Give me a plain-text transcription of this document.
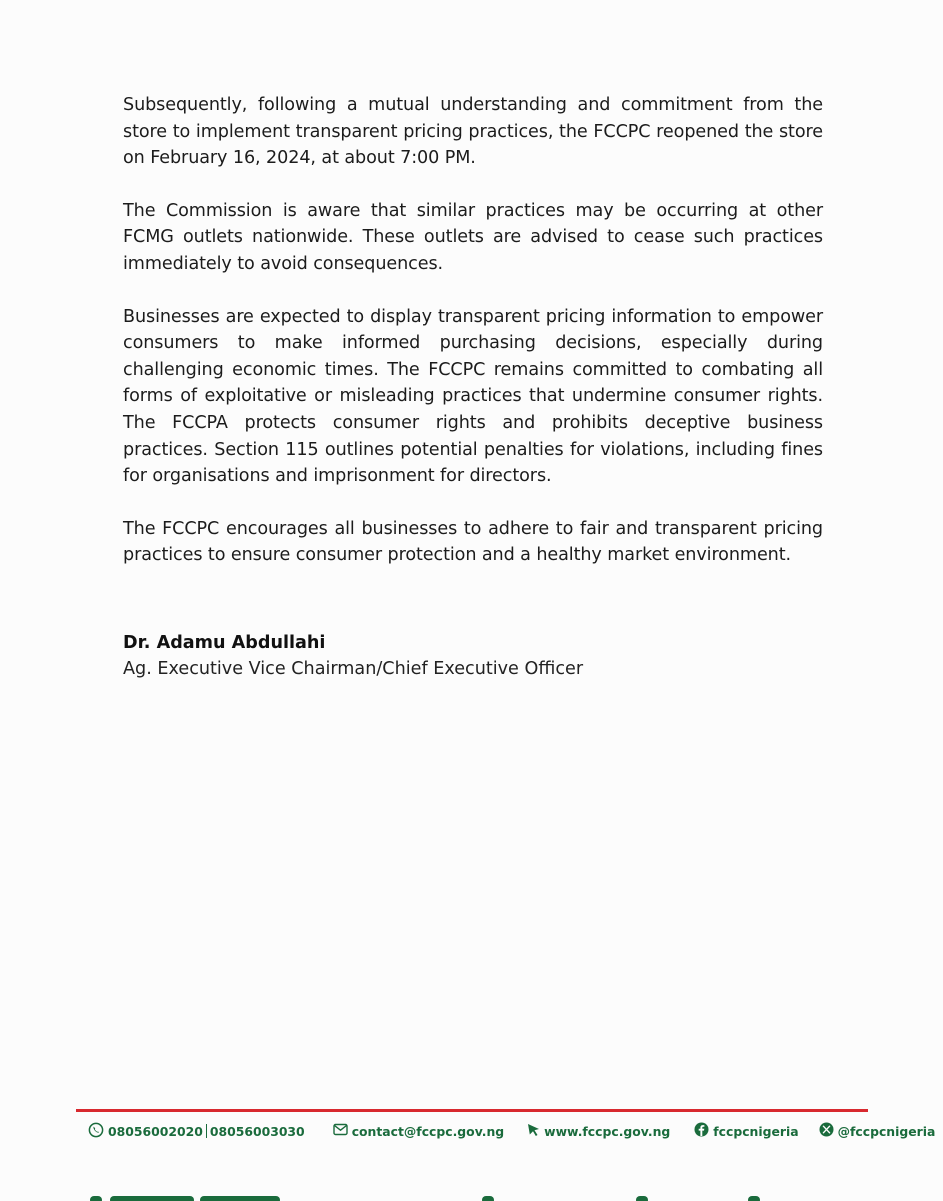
Subsequently, following a mutual understanding and commitment from the store to implement transparent pricing practices, the FCCPC reopened the store on February 16, 2024, at about 7:00 PM.

The Commission is aware that similar practices may be occurring at other FCMG outlets nationwide. These outlets are advised to cease such practices immediately to avoid consequences.

Businesses are expected to display transparent pricing information to empower consumers to make informed purchasing decisions, especially during challenging economic times. The FCCPC remains committed to combating all forms of exploitative or misleading practices that undermine consumer rights. The FCCPA protects consumer rights and prohibits deceptive business practices. Section 115 outlines potential penalties for violations, including fines for organisations and imprisonment for directors.

The FCCPC encourages all businesses to adhere to fair and transparent pricing practices to ensure consumer protection and a healthy market environment.

Dr. Adamu Abdullahi
Ag. Executive Vice Chairman/Chief Executive Officer
08056002020 08056003030	contact@fccpc.gov.ng	www.fccpc.gov.ng	fccpcnigeria	@fccpcnigeria
